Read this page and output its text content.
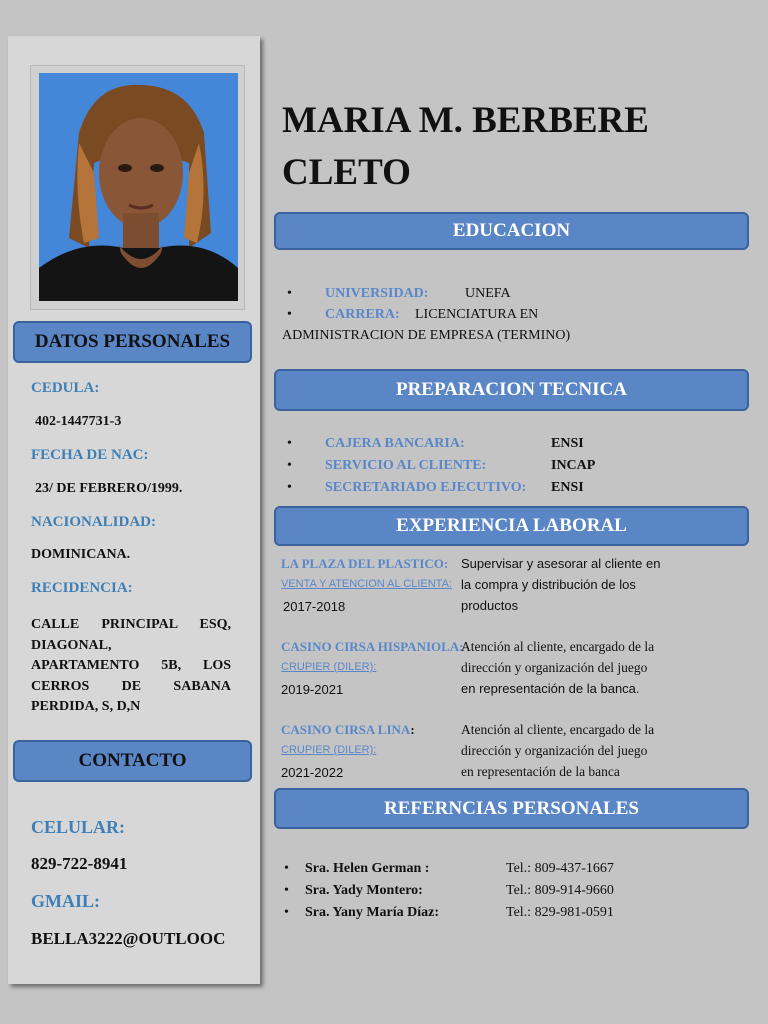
DATOS PERSONALES
CEDULA:
402-1447731-3
FECHA DE NAC:
23/ DE FEBRERO/1999.
NACIONALIDAD:
DOMINICANA.
RECIDENCIA:
CALLE PRINCIPAL ESQ,
DIAGONAL,
APARTAMENTO 5B, LOS
CERROS DE SABANA
PERDIDA, S, D,N
CONTACTO
CELULAR:
829-722-8941
GMAIL:
BELLA3222@OUTLOOC
MARIA M. BERBERE
CLETO
EDUCACION
• UNIVERSIDAD:	UNEFA
• CARRERA: LICENCIATURA EN
ADMINISTRACION DE EMPRESA (TERMINO)
PREPARACION TECNICA
• CAJERA BANCARIA:	ENSI
• SERVICIO AL CLIENTE:	INCAP
• SECRETARIADO EJECUTIVO: ENSI
EXPERIENCIA LABORAL
LA PLAZA DEL PLASTICO:
VENTA Y ATENCION AL CLIENTA:
2017-2018
Supervisar y asesorar al cliente en
la compra y distribución de los
productos
CASINO CIRSA HISPANIOLA:
CRUPIER (DILER):
2019-2021
Atención al cliente, encargado de la
dirección y organización del juego
en representación de la banca.
CASINO CIRSA LINA:
CRUPIER (DILER):
2021-2022
Atención al cliente, encargado de la
dirección y organización del juego
en representación de la banca
REFERNCIAS PERSONALES
• Sra. Helen German :	Tel.: 809-437-1667
• Sra. Yady Montero:	Tel.: 809-914-9660
• Sra. Yany María Díaz:	Tel.: 829-981-0591
